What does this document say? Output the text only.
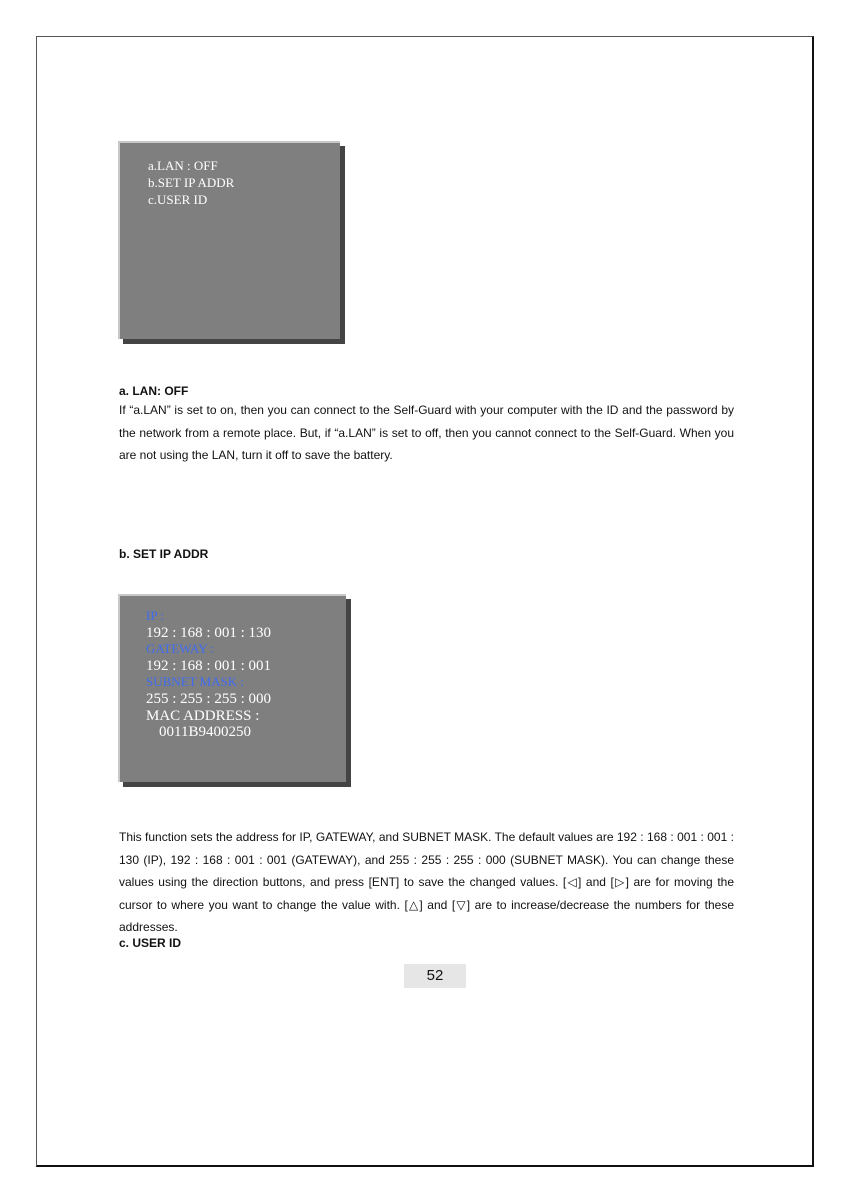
a.LAN : OFF
b.SET IP ADDR
c.USER ID
a. LAN: OFF

If “a.LAN” is set to on, then you can connect to the Self-Guard with your computer with the ID and the password by the network from a remote place. But, if “a.LAN” is set to off, then you cannot connect to the Self-Guard. When you are not using the LAN, turn it off to save the battery.

b. SET IP ADDR
IP :
192 : 168 : 001 : 130
GATEWAY :
192 : 168 : 001 : 001
SUBNET MASK :
255 : 255 : 255 : 000
MAC ADDRESS :
0011B9400250

This function sets the address for IP, GATEWAY, and SUBNET MASK. The default values are 192 : 168 : 001 : 001 : 130 (IP), 192 : 168 : 001 : 001 (GATEWAY), and 255 : 255 : 255 : 000 (SUBNET MASK). You can change these values using the direction buttons, and press [ENT] to save the changed values. [◁] and [▷] are for moving the cursor to where you want to change the value with. [△] and [▽] are to increase/decrease the numbers for these addresses.

c. USER ID
52
